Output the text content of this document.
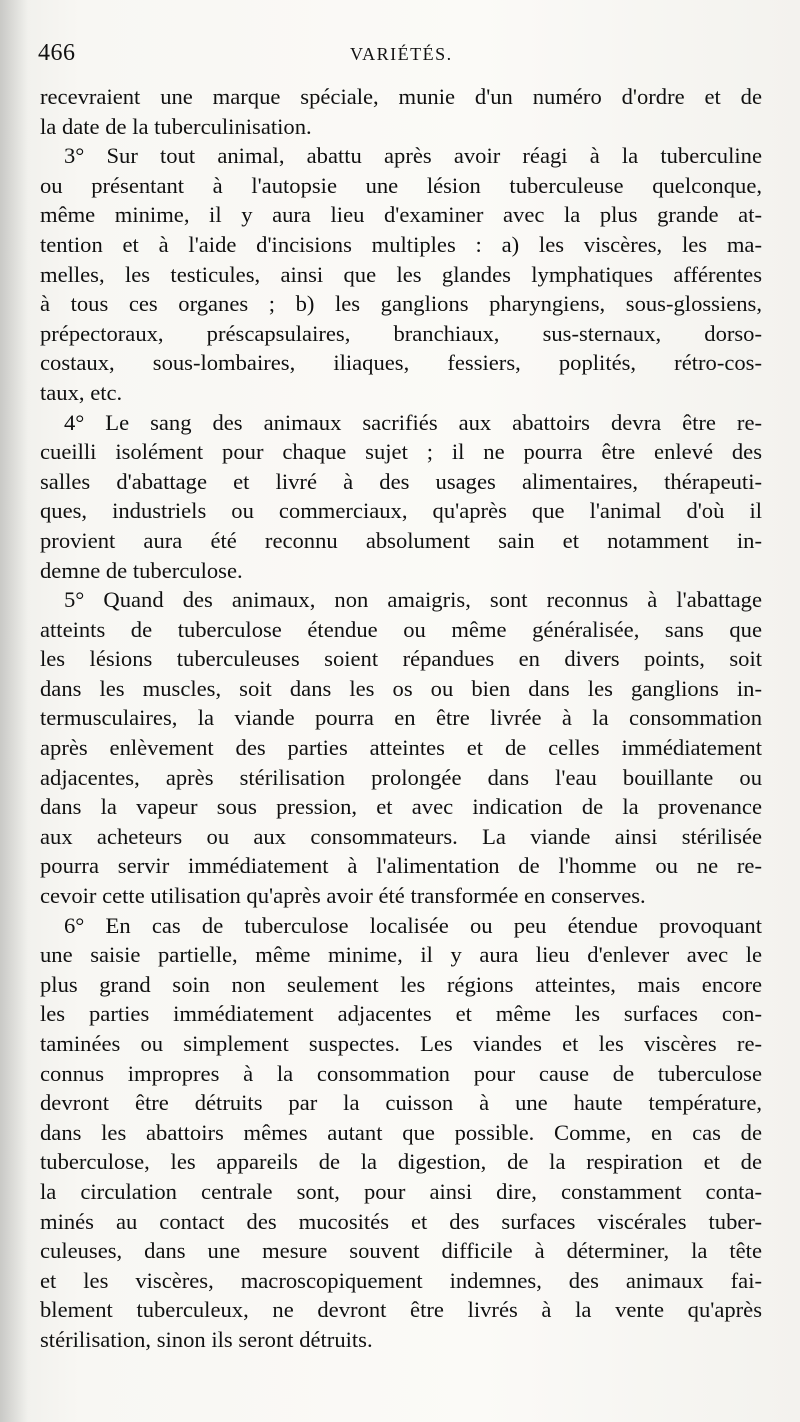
466	VARIÉTÉS.
recevraient une marque spéciale, munie d'un numéro d'ordre et de
la date de la tuberculinisation.
3° Sur tout animal, abattu après avoir réagi à la tuberculine
ou présentant à l'autopsie une lésion tuberculeuse quelconque,
même minime, il y aura lieu d'examiner avec la plus grande at-
tention et à l'aide d'incisions multiples : a) les viscères, les ma-
melles, les testicules, ainsi que les glandes lymphatiques afférentes
à tous ces organes ; b) les ganglions pharyngiens, sous-glossiens,
prépectoraux, préscapsulaires, branchiaux, sus-sternaux, dorso-
costaux, sous-lombaires, iliaques, fessiers, poplités, rétro-cos-
taux, etc.
4° Le sang des animaux sacrifiés aux abattoirs devra être re-
cueilli isolément pour chaque sujet ; il ne pourra être enlevé des
salles d'abattage et livré à des usages alimentaires, thérapeuti-
ques, industriels ou commerciaux, qu'après que l'animal d'où il
provient aura été reconnu absolument sain et notamment in-
demne de tuberculose.
5° Quand des animaux, non amaigris, sont reconnus à l'abattage
atteints de tuberculose étendue ou même généralisée, sans que
les lésions tuberculeuses soient répandues en divers points, soit
dans les muscles, soit dans les os ou bien dans les ganglions in-
termusculaires, la viande pourra en être livrée à la consommation
après enlèvement des parties atteintes et de celles immédiatement
adjacentes, après stérilisation prolongée dans l'eau bouillante ou
dans la vapeur sous pression, et avec indication de la provenance
aux acheteurs ou aux consommateurs. La viande ainsi stérilisée
pourra servir immédiatement à l'alimentation de l'homme ou ne re-
cevoir cette utilisation qu'après avoir été transformée en conserves.
6° En cas de tuberculose localisée ou peu étendue provoquant
une saisie partielle, même minime, il y aura lieu d'enlever avec le
plus grand soin non seulement les régions atteintes, mais encore
les parties immédiatement adjacentes et même les surfaces con-
taminées ou simplement suspectes. Les viandes et les viscères re-
connus impropres à la consommation pour cause de tuberculose
devront être détruits par la cuisson à une haute température,
dans les abattoirs mêmes autant que possible. Comme, en cas de
tuberculose, les appareils de la digestion, de la respiration et de
la circulation centrale sont, pour ainsi dire, constamment conta-
minés au contact des mucosités et des surfaces viscérales tuber-
culeuses, dans une mesure souvent difficile à déterminer, la tête
et les viscères, macroscopiquement indemnes, des animaux fai-
blement tuberculeux, ne devront être livrés à la vente qu'après
stérilisation, sinon ils seront détruits.
